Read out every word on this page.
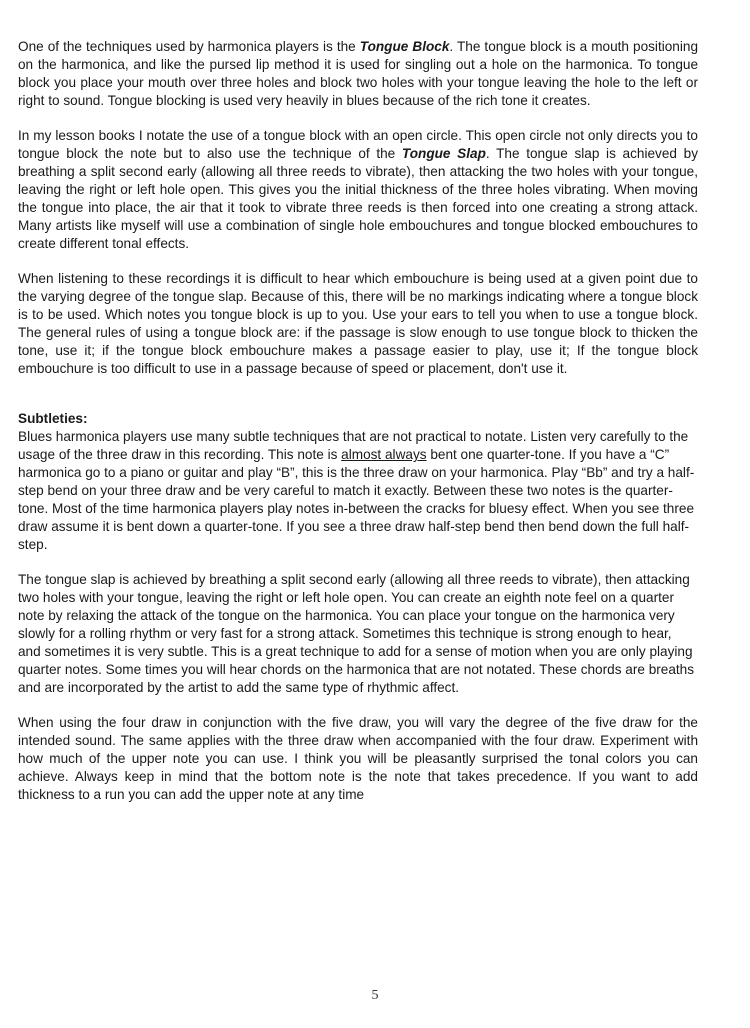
One of the techniques used by harmonica players is the Tongue Block. The tongue block is a mouth positioning on the harmonica, and like the pursed lip method it is used for singling out a hole on the harmonica. To tongue block you place your mouth over three holes and block two holes with your tongue leaving the hole to the left or right to sound. Tongue blocking is used very heavily in blues because of the rich tone it creates.

In my lesson books I notate the use of a tongue block with an open circle. This open circle not only directs you to tongue block the note but to also use the technique of the Tongue Slap. The tongue slap is achieved by breathing a split second early (allowing all three reeds to vibrate), then attacking the two holes with your tongue, leaving the right or left hole open. This gives you the initial thickness of the three holes vibrating. When moving the tongue into place, the air that it took to vibrate three reeds is then forced into one creating a strong attack. Many artists like myself will use a combination of single hole embouchures and tongue blocked embouchures to create different tonal effects.

When listening to these recordings it is difficult to hear which embouchure is being used at a given point due to the varying degree of the tongue slap. Because of this, there will be no markings indicating where a tongue block is to be used. Which notes you tongue block is up to you. Use your ears to tell you when to use a tongue block. The general rules of using a tongue block are: if the passage is slow enough to use tongue block to thicken the tone, use it; if the tongue block embouchure makes a passage easier to play, use it; If the tongue block embouchure is too difficult to use in a passage because of speed or placement, don't use it.

Subtleties:

Blues harmonica players use many subtle techniques that are not practical to notate. Listen very carefully to the usage of the three draw in this recording. This note is almost always bent one quarter-tone. If you have a “C” harmonica go to a piano or guitar and play “B”, this is the three draw on your harmonica. Play “Bb” and try a half-step bend on your three draw and be very careful to match it exactly. Between these two notes is the quarter-tone. Most of the time harmonica players play notes in-between the cracks for bluesy effect. When you see three draw assume it is bent down a quarter-tone. If you see a three draw half-step bend then bend down the full half-step.

The tongue slap is achieved by breathing a split second early (allowing all three reeds to vibrate), then attacking two holes with your tongue, leaving the right or left hole open. You can create an eighth note feel on a quarter note by relaxing the attack of the tongue on the harmonica. You can place your tongue on the harmonica very slowly for a rolling rhythm or very fast for a strong attack. Sometimes this technique is strong enough to hear, and sometimes it is very subtle. This is a great technique to add for a sense of motion when you are only playing quarter notes. Some times you will hear chords on the harmonica that are not notated. These chords are breaths and are incorporated by the artist to add the same type of rhythmic affect.

When using the four draw in conjunction with the five draw, you will vary the degree of the five draw for the intended sound. The same applies with the three draw when accompanied with the four draw. Experiment with how much of the upper note you can use. I think you will be pleasantly surprised the tonal colors you can achieve. Always keep in mind that the bottom note is the note that takes precedence. If you want to add thickness to a run you can add the upper note at any time

5
